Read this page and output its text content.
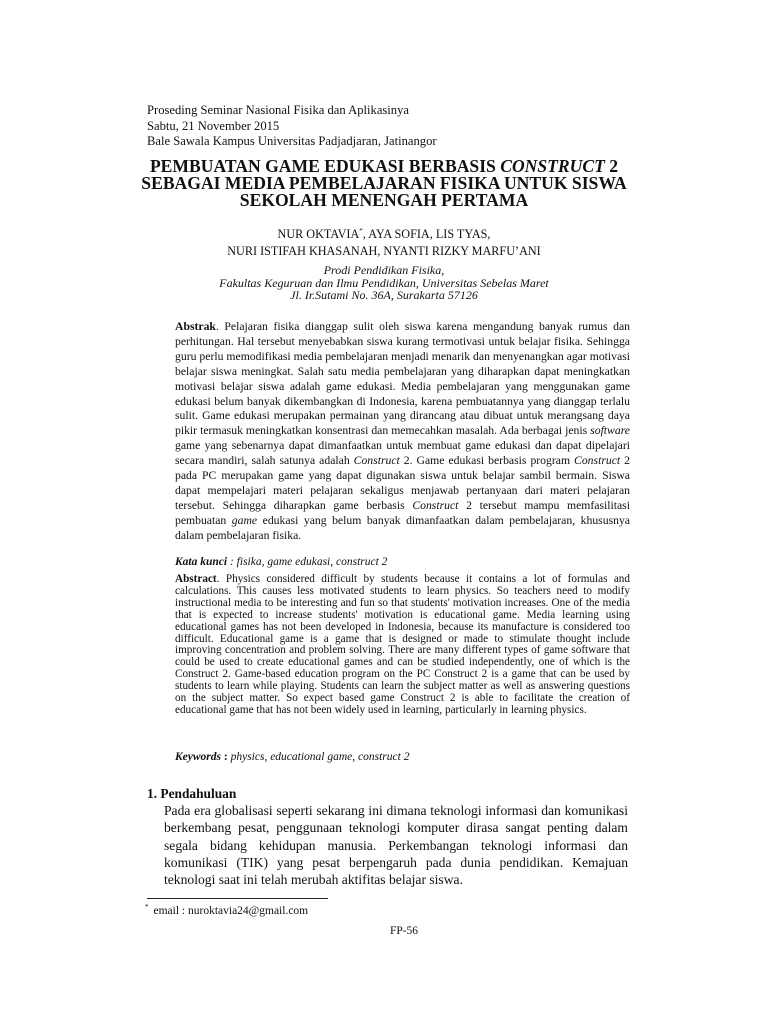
Proseding Seminar Nasional Fisika dan Aplikasinya
Sabtu, 21 November 2015
Bale Sawala Kampus Universitas Padjadjaran, Jatinangor
PEMBUATAN GAME EDUKASI BERBASIS CONSTRUCT 2
SEBAGAI MEDIA PEMBELAJARAN FISIKA UNTUK SISWA
SEKOLAH MENENGAH PERTAMA
NUR OKTAVIA*, AYA SOFIA, LIS TYAS,
NURI ISTIFAH KHASANAH, NYANTI RIZKY MARFU’ANI
Prodi Pendidikan Fisika,
Fakultas Keguruan dan Ilmu Pendidikan, Universitas Sebelas Maret
Jl. Ir.Sutami No. 36A, Surakarta 57126
Abstrak. Pelajaran fisika dianggap sulit oleh siswa karena mengandung banyak rumus dan perhitungan. Hal tersebut menyebabkan siswa kurang termotivasi untuk belajar fisika. Sehingga guru perlu memodifikasi media pembelajaran menjadi menarik dan menyenangkan agar motivasi belajar siswa meningkat. Salah satu media pembelajaran yang diharapkan dapat meningkatkan motivasi belajar siswa adalah game edukasi. Media pembelajaran yang menggunakan game edukasi belum banyak dikembangkan di Indonesia, karena pembuatannya yang dianggap terlalu sulit. Game edukasi merupakan permainan yang dirancang atau dibuat untuk merangsang daya pikir termasuk meningkatkan konsentrasi dan memecahkan masalah. Ada berbagai jenis software game yang sebenarnya dapat dimanfaatkan untuk membuat game edukasi dan dapat dipelajari secara mandiri, salah satunya adalah Construct 2. Game edukasi berbasis program Construct 2 pada PC merupakan game yang dapat digunakan siswa untuk belajar sambil bermain. Siswa dapat mempelajari materi pelajaran sekaligus menjawab pertanyaan dari materi pelajaran tersebut. Sehingga diharapkan game berbasis Construct 2 tersebut mampu memfasilitasi pembuatan game edukasi yang belum banyak dimanfaatkan dalam pembelajaran, khususnya dalam pembelajaran fisika.
Kata kunci : fisika, game edukasi, construct 2
Abstract. Physics considered difficult by students because it contains a lot of formulas and calculations. This causes less motivated students to learn physics. So teachers need to modify instructional media to be interesting and fun so that students' motivation increases. One of the media that is expected to increase students' motivation is educational game. Media learning using educational games has not been developed in Indonesia, because its manufacture is considered too difficult. Educational game is a game that is designed or made to stimulate thought include improving concentration and problem solving. There are many different types of game software that could be used to create educational games and can be studied independently, one of which is the Construct 2. Game-based education program on the PC Construct 2 is a game that can be used by students to learn while playing. Students can learn the subject matter as well as answering questions on the subject matter. So expect based game Construct 2 is able to facilitate the creation of educational game that has not been widely used in learning, particularly in learning physics.
Keywords : physics, educational game, construct 2
1. Pendahuluan
Pada era globalisasi seperti sekarang ini dimana teknologi informasi dan komunikasi berkembang pesat, penggunaan teknologi komputer dirasa sangat penting dalam segala bidang kehidupan manusia. Perkembangan teknologi informasi dan komunikasi (TIK) yang pesat berpengaruh pada dunia pendidikan. Kemajuan teknologi saat ini telah merubah aktifitas belajar siswa.
* email : nuroktavia24@gmail.com
FP-56
